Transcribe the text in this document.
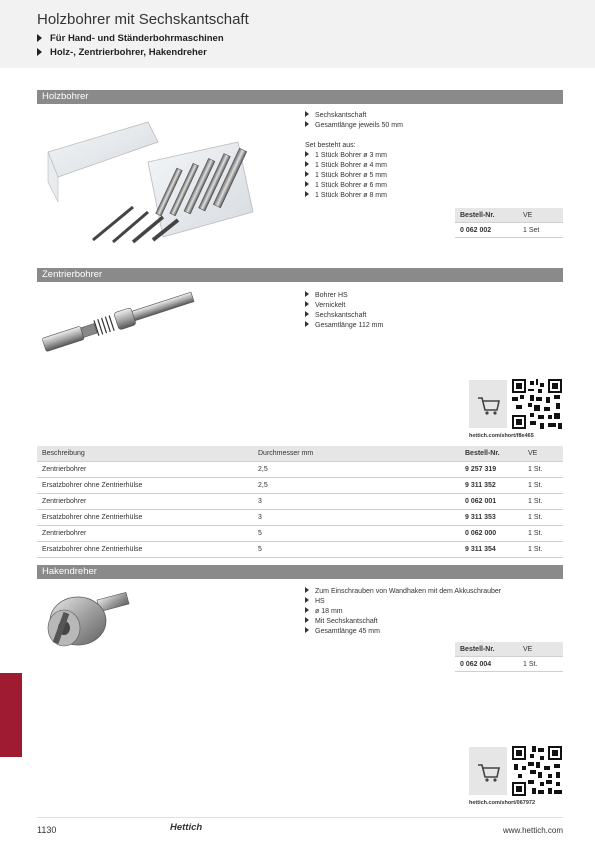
Holzbohrer mit Sechskantschaft
Für Hand- und Ständerbohrmaschinen
Holz-, Zentrierbohrer, Hakendreher
Holzbohrer
Sechskantschaft
Gesamtlänge jeweils 50 mm
Set besteht aus:
1 Stück Bohrer ø 3 mm
1 Stück Bohrer ø 4 mm
1 Stück Bohrer ø 5 mm
1 Stück Bohrer ø 6 mm
1 Stück Bohrer ø 8 mm
Bestell-Nr.	VE
0 062 002	1 Set
Zentrierbohrer
Bohrer HS
Vernickelt
Sechskantschaft
Gesamtlänge 112 mm
hettich.com/short/f8e465
Beschreibung	Durchmesser mm	Bestell-Nr.	VE
Zentrierbohrer	2,5	9 257 319	1 St.
Ersatzbohrer ohne Zentrierhülse	2,5	9 311 352	1 St.
Zentrierbohrer	3	0 062 001	1 St.
Ersatzbohrer ohne Zentrierhülse	3	9 311 353	1 St.
Zentrierbohrer	5	0 062 000	1 St.
Ersatzbohrer ohne Zentrierhülse	5	9 311 354	1 St.
Hakendreher
Zum Einschrauben von Wandhaken mit dem Akkuschrauber
HS
ø 18 mm
Mit Sechskantschaft
Gesamtlänge 45 mm
Bestell-Nr.	VE
0 062 004	1 St.
hettich.com/short/067972
1130	Hettich	www.hettich.com
